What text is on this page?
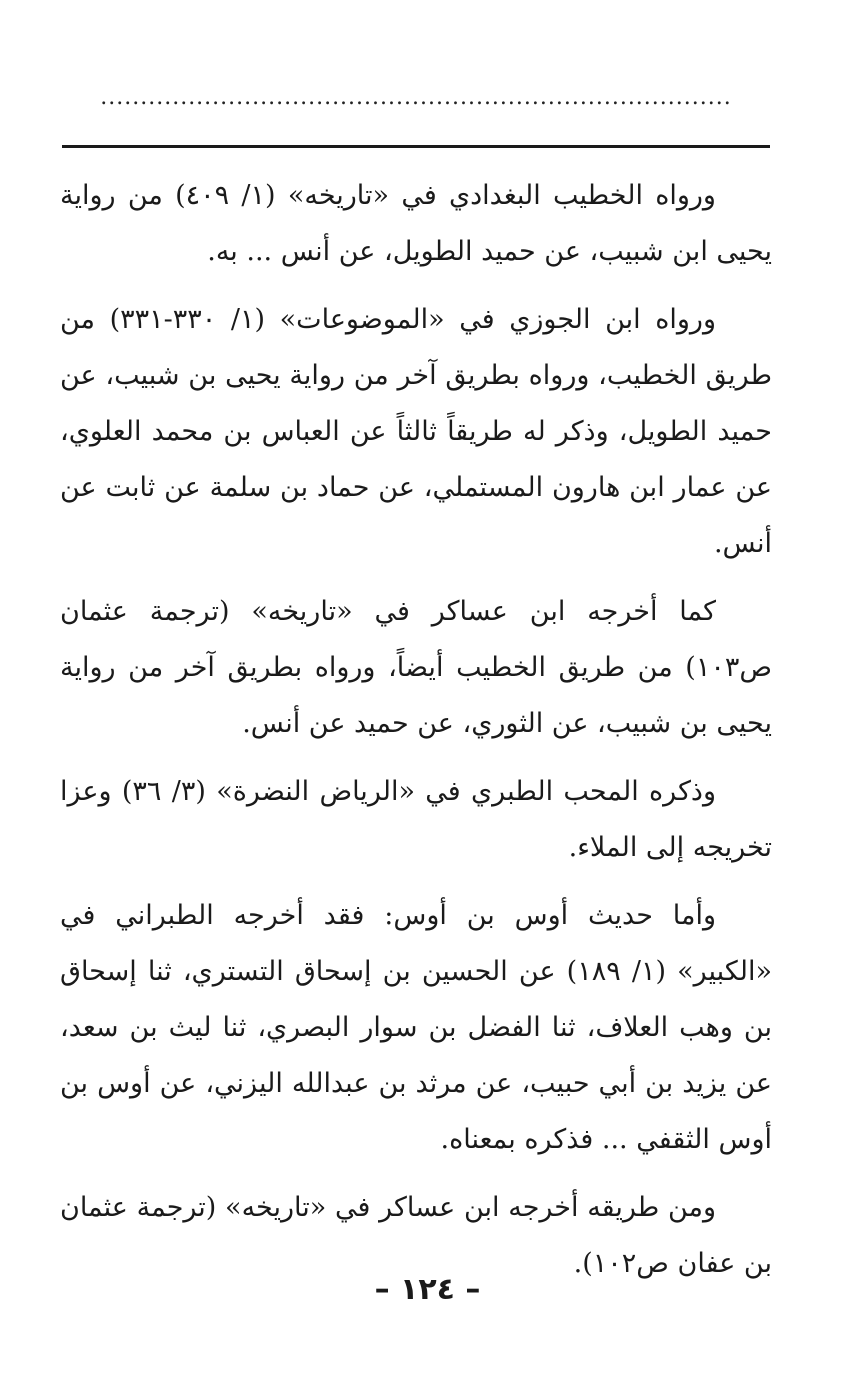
...............................................................................

ورواه الخطيب البغدادي في «تاريخه» (١/ ٤٠٩) من رواية يحيى ابن شبيب، عن حميد الطويل، عن أنس ... به.

ورواه ابن الجوزي في «الموضوعات» (١/ ٣٣٠-٣٣١) من طريق الخطيب، ورواه بطريق آخر من رواية يحيى بن شبيب، عن حميد الطويل، وذكر له طريقاً ثالثاً عن العباس بن محمد العلوي، عن عمار ابن هارون المستملي، عن حماد بن سلمة عن ثابت عن أنس.

كما أخرجه ابن عساكر في «تاريخه» (ترجمة عثمان ص١٠٣) من طريق الخطيب أيضاً، ورواه بطريق آخر من رواية يحيى بن شبيب، عن الثوري، عن حميد عن أنس.

وذكره المحب الطبري في «الرياض النضرة» (٣/ ٣٦) وعزا تخريجه إلى الملاء.

وأما حديث أوس بن أوس: فقد أخرجه الطبراني في «الكبير» (١/ ١٨٩) عن الحسين بن إسحاق التستري، ثنا إسحاق بن وهب العلاف، ثنا الفضل بن سوار البصري، ثنا ليث بن سعد، عن يزيد بن أبي حبيب، عن مرثد بن عبدالله اليزني، عن أوس بن أوس الثقفي ... فذكره بمعناه.

ومن طريقه أخرجه ابن عساكر في «تاريخه» (ترجمة عثمان بن عفان ص١٠٢).

– ١٢٤ –
